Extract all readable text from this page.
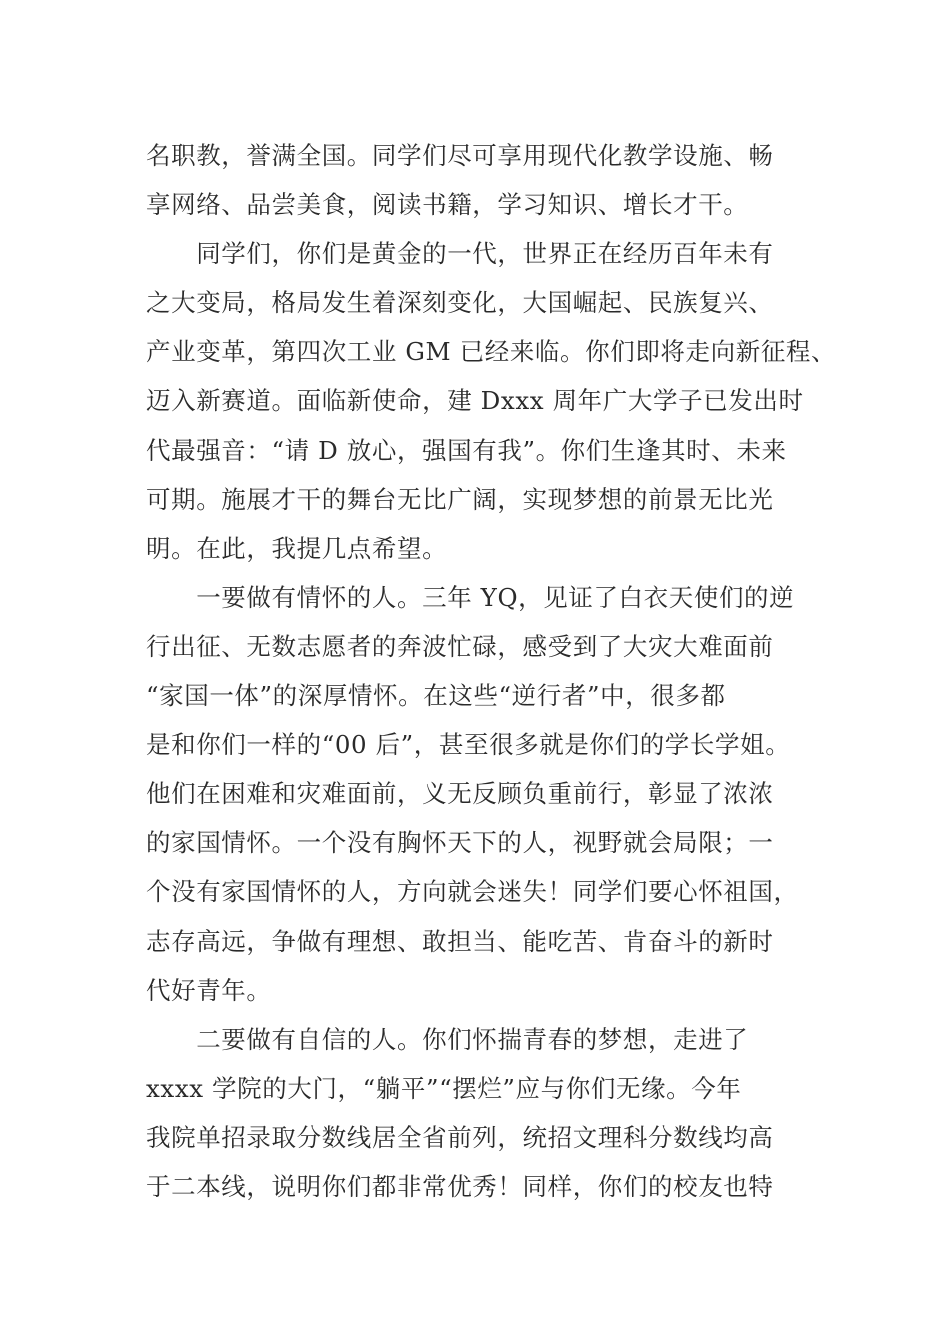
名职教，誉满全国。同学们尽可享用现代化教学设施、畅
享网络、品尝美食，阅读书籍，学习知识、增长才干。
　　同学们，你们是黄金的一代，世界正在经历百年未有
之大变局，格局发生着深刻变化，大国崛起、民族复兴、
产业变革，第四次工业 GM 已经来临。你们即将走向新征程、
迈入新赛道。面临新使命，建 Dxxx 周年广大学子已发出时
代最强音：“请 D 放心，强国有我”。你们生逢其时、未来
可期。施展才干的舞台无比广阔，实现梦想的前景无比光
明。在此，我提几点希望。
　　一要做有情怀的人。三年 YQ，见证了白衣天使们的逆
行出征、无数志愿者的奔波忙碌，感受到了大灾大难面前
“家国一体”的深厚情怀。在这些“逆行者”中，很多都
是和你们一样的“00 后”，甚至很多就是你们的学长学姐。
他们在困难和灾难面前，义无反顾负重前行，彰显了浓浓
的家国情怀。一个没有胸怀天下的人，视野就会局限；一
个没有家国情怀的人，方向就会迷失！同学们要心怀祖国，
志存高远，争做有理想、敢担当、能吃苦、肯奋斗的新时
代好青年。
　　二要做有自信的人。你们怀揣青春的梦想，走进了
xxxx 学院的大门，“躺平”“摆烂”应与你们无缘。今年
我院单招录取分数线居全省前列，统招文理科分数线均高
于二本线，说明你们都非常优秀！同样，你们的校友也特
